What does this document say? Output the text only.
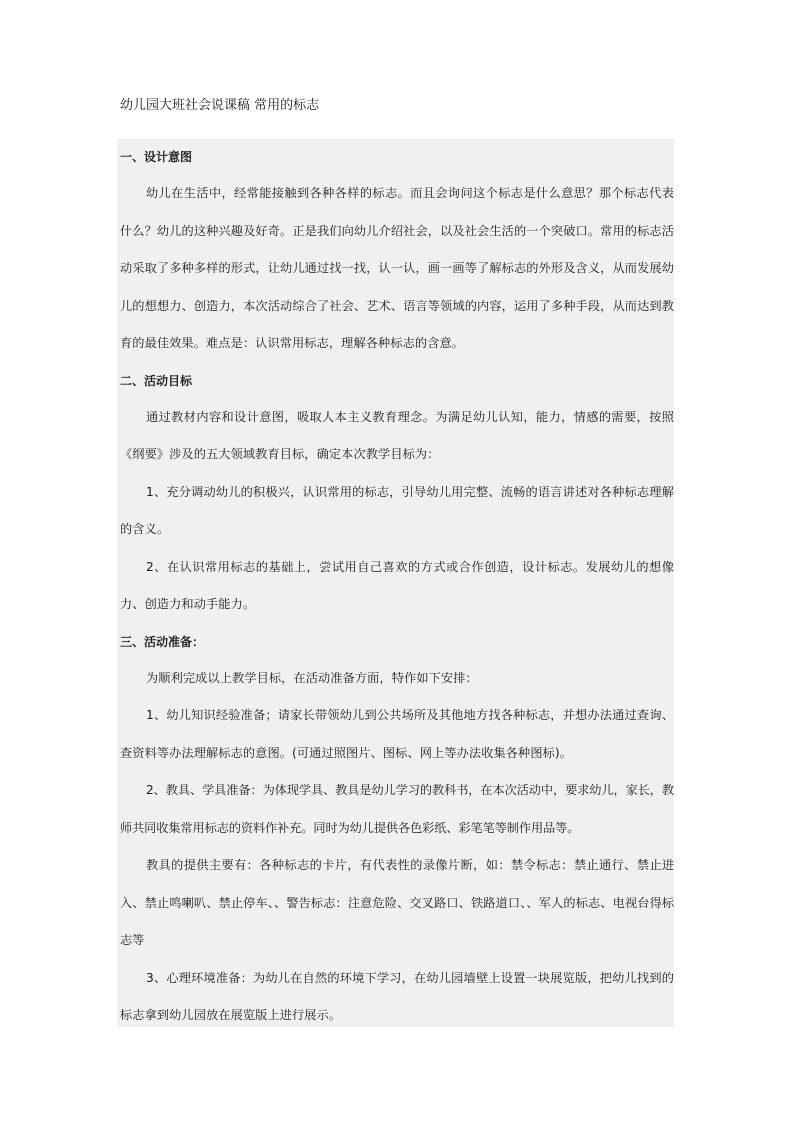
幼儿园大班社会说课稿 常用的标志

一、设计意图

幼儿在生活中，经常能接触到各种各样的标志。而且会询问这个标志是什么意思？那个标志代表什么？幼儿的这种兴趣及好奇。正是我们向幼儿介绍社会，以及社会生活的一个突破口。常用的标志活动采取了多种多样的形式，让幼儿通过找一找，认一认，画一画等了解标志的外形及含义，从而发展幼儿的想想力、创造力，本次活动综合了社会、艺术、语言等领域的内容，运用了多种手段，从而达到教育的最佳效果。难点是：认识常用标志，理解各种标志的含意。

二、活动目标

通过教材内容和设计意图，吸取人本主义教育理念。为满足幼儿认知，能力，情感的需要，按照《纲要》涉及的五大领域教育目标，确定本次教学目标为：

1、充分调动幼儿的积极兴，认识常用的标志，引导幼儿用完整、流畅的语言讲述对各种标志理解的含义。

2、在认识常用标志的基础上，尝试用自己喜欢的方式或合作创造，设计标志。发展幼儿的想像力、创造力和动手能力。

三、活动准备：

为顺利完成以上教学目标，在活动准备方面，特作如下安排：

1、幼儿知识经验准备；请家长带领幼儿到公共场所及其他地方找各种标志，并想办法通过查询、查资料等办法理解标志的意图。(可通过照图片、图标、网上等办法收集各种图标)。

2、教具、学具准备：为体现学具、教具是幼儿学习的教科书，在本次活动中，要求幼儿，家长，教师共同收集常用标志的资料作补充。同时为幼儿提供各色彩纸、彩笔笔等制作用品等。

教具的提供主要有：各种标志的卡片，有代表性的录像片断，如：禁令标志：禁止通行、禁止进入、禁止鸣喇叭、禁止停车、、警告标志：注意危险、交叉路口、铁路道口、、军人的标志、电视台得标志等

3、心理环境准备：为幼儿在自然的环境下学习，在幼儿园墙壁上设置一块展览版，把幼儿找到的标志拿到幼儿园放在展览版上进行展示。
